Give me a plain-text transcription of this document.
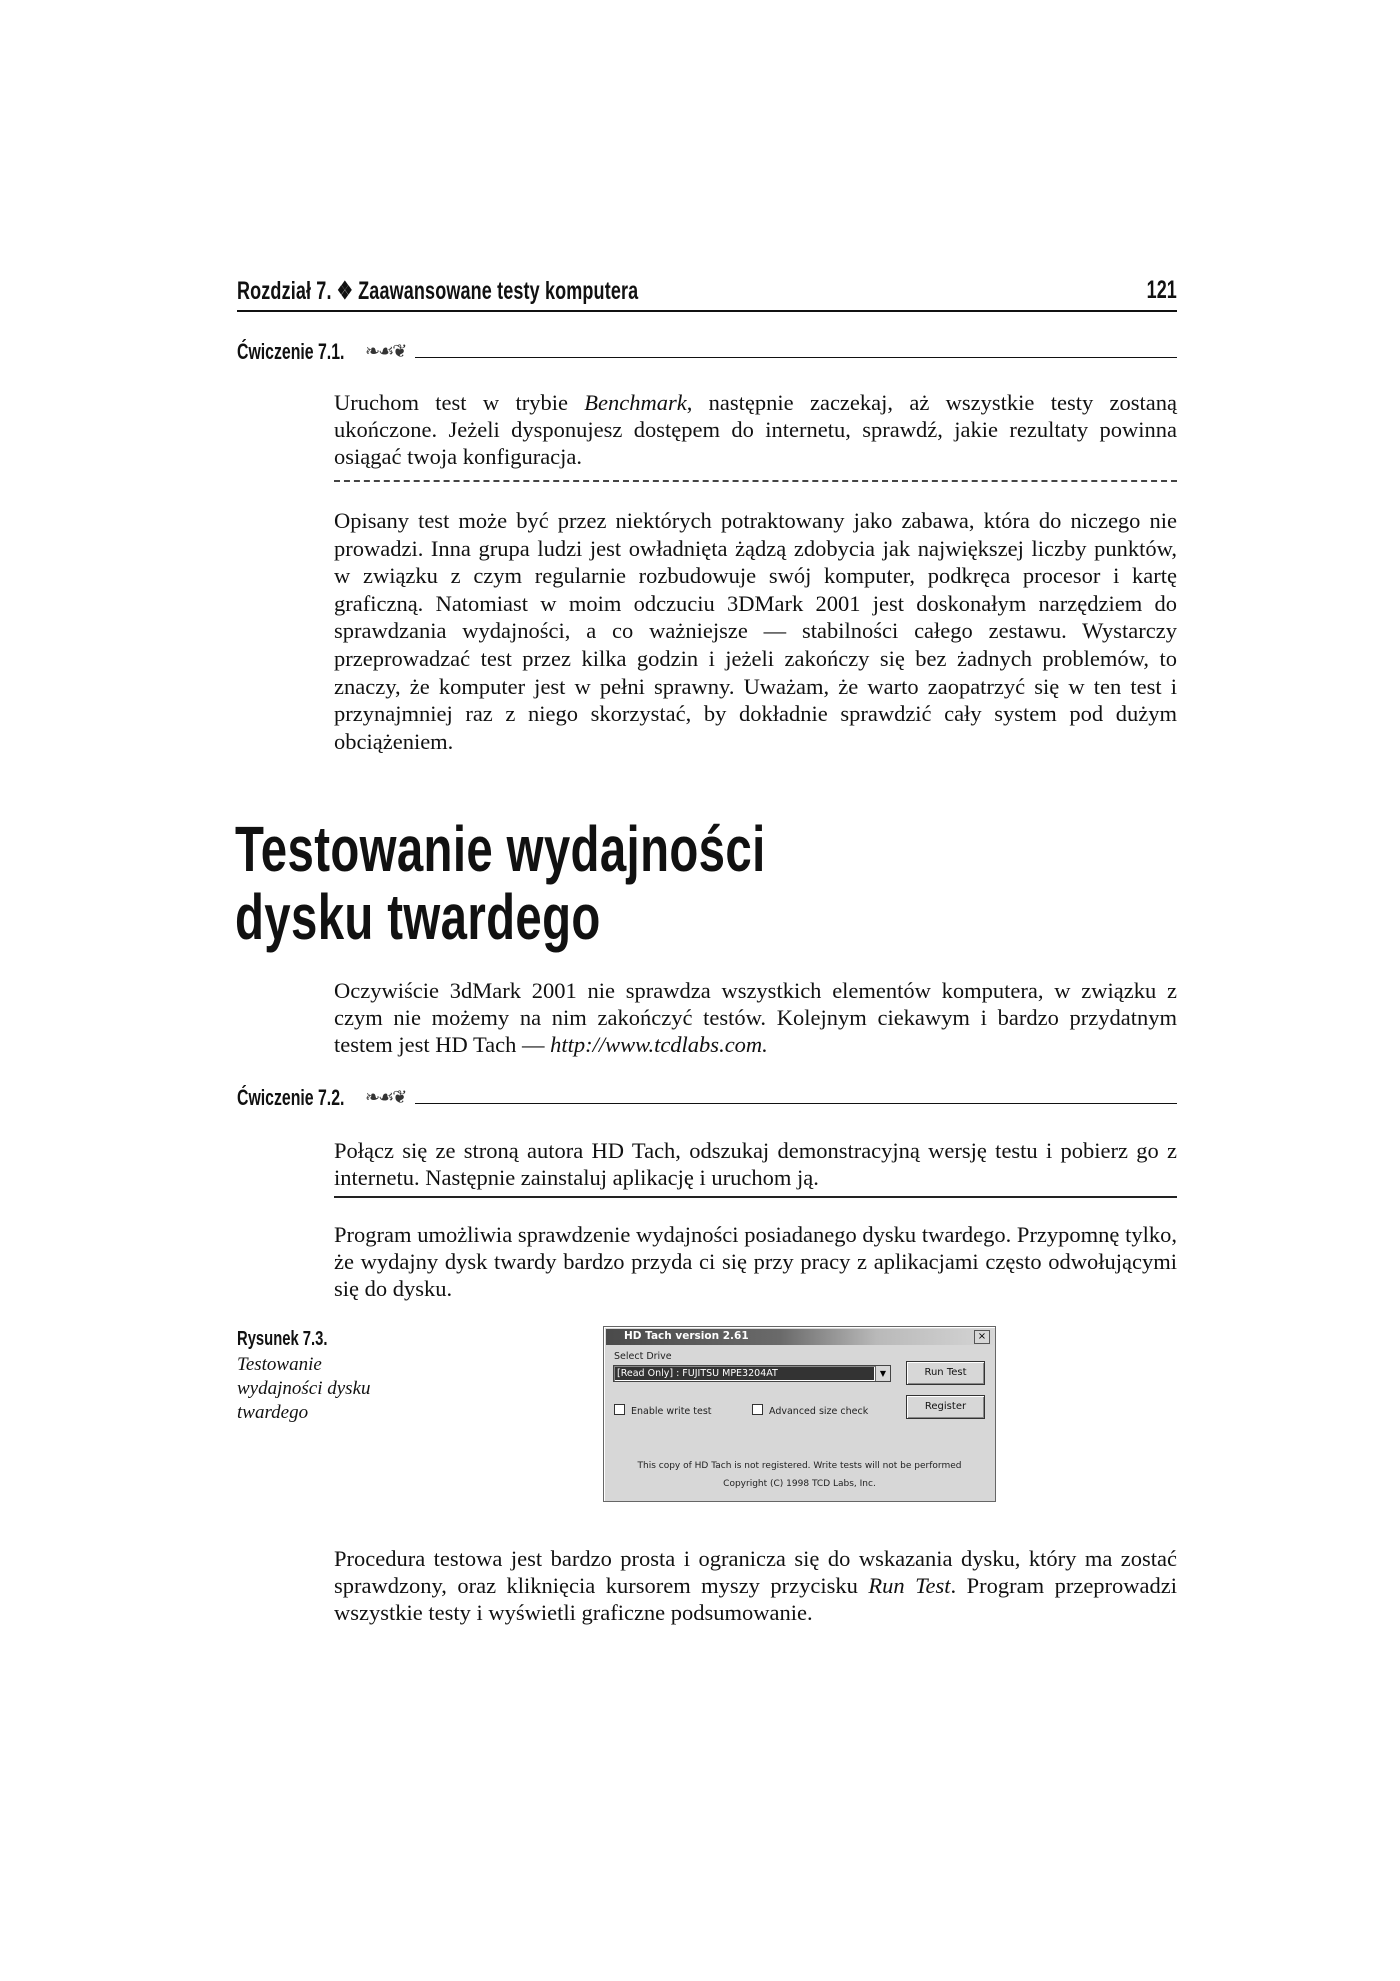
Rozdział 7. ❖ Zaawansowane testy komputera	121
Ćwiczenie 7.1. ❧☙❦

Uruchom test w trybie Benchmark, następnie zaczekaj, aż wszystkie testy zostaną ukończone. Jeżeli dysponujesz dostępem do internetu, sprawdź, jakie rezultaty powinna osiągać twoja konfiguracja.

Opisany test może być przez niektórych potraktowany jako zabawa, która do niczego nie prowadzi. Inna grupa ludzi jest owładnięta żądzą zdobycia jak największej liczby punktów, w związku z czym regularnie rozbudowuje swój komputer, podkręca procesor i kartę graficzną. Natomiast w moim odczuciu 3DMark 2001 jest doskonałym narzędziem do sprawdzania wydajności, a co ważniejsze — stabilności całego zestawu. Wystarczy przeprowadzać test przez kilka godzin i jeżeli zakończy się bez żadnych problemów, to znaczy, że komputer jest w pełni sprawny. Uważam, że warto zaopatrzyć się w ten test i przynajmniej raz z niego skorzystać, by dokładnie sprawdzić cały system pod dużym obciążeniem.

Testowanie wydajności
dysku twardego

Oczywiście 3dMark 2001 nie sprawdza wszystkich elementów komputera, w związku z czym nie możemy na nim zakończyć testów. Kolejnym ciekawym i bardzo przydatnym testem jest HD Tach — http://www.tcdlabs.com.

Ćwiczenie 7.2. ❧☙❦

Połącz się ze stroną autora HD Tach, odszukaj demonstracyjną wersję testu i pobierz go z internetu. Następnie zainstaluj aplikację i uruchom ją.

Program umożliwia sprawdzenie wydajności posiadanego dysku twardego. Przypomnę tylko, że wydajny dysk twardy bardzo przyda ci się przy pracy z aplikacjami często odwołującymi się do dysku.

Rysunek 7.3.
Testowanie wydajności dysku twardego
HD Tach version 2.61	×
Select Drive
[Read Only] : FUJITSU MPE3204AT	▼	Run Test
Register
Enable write test	Advanced size check
This copy of HD Tach is not registered. Write tests will not be performed
Copyright (C) 1998 TCD Labs, Inc.

Procedura testowa jest bardzo prosta i ogranicza się do wskazania dysku, który ma zostać sprawdzony, oraz kliknięcia kursorem myszy przycisku Run Test. Program przeprowadzi wszystkie testy i wyświetli graficzne podsumowanie.
